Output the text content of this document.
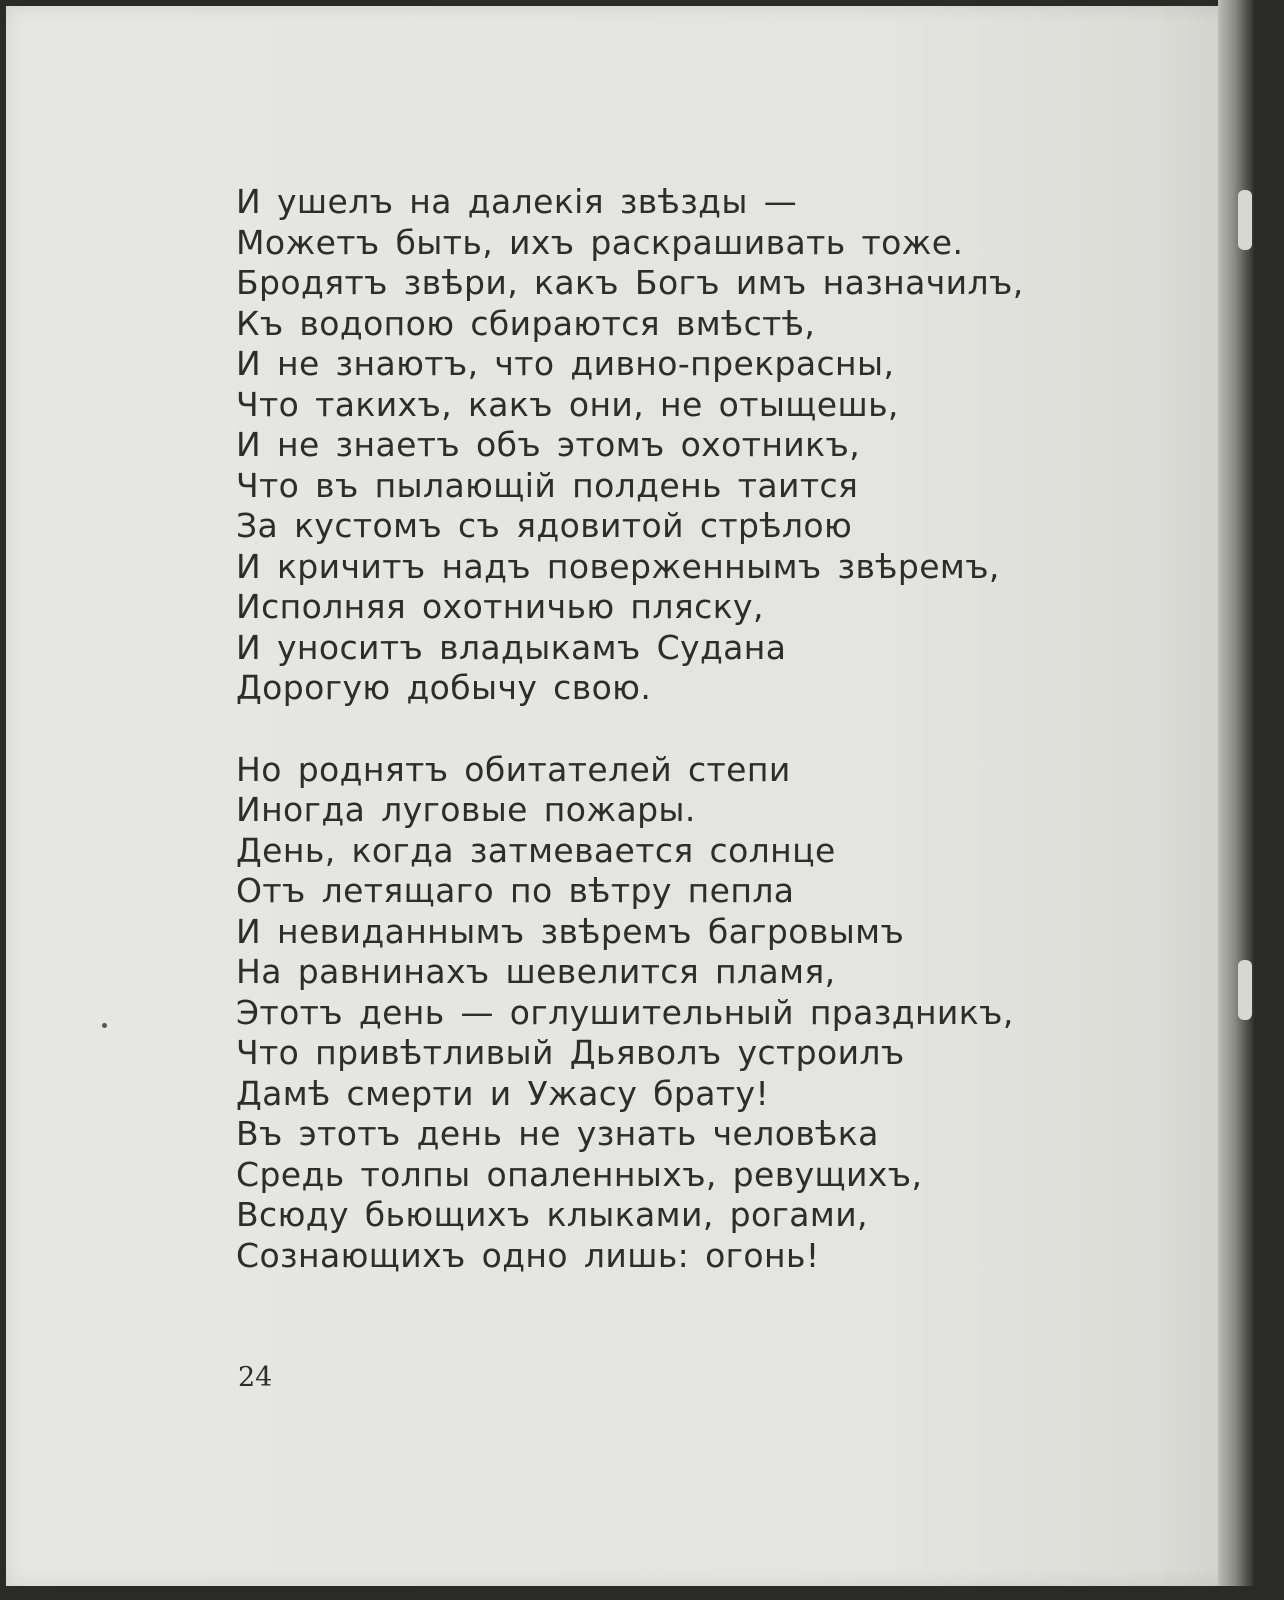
И ушелъ на далекія звѣзды —
Можетъ быть, ихъ раскрашивать тоже.
Бродятъ звѣри, какъ Богъ имъ назначилъ,
Къ водопою сбираются вмѣстѣ,
И не знаютъ, что дивно-прекрасны,
Что такихъ, какъ они, не отыщешь,
И не знаетъ объ этомъ охотникъ,
Что въ пылающій полдень таится
За кустомъ съ ядовитой стрѣлою
И кричитъ надъ поверженнымъ звѣремъ,
Исполняя охотничью пляску,
И уноситъ владыкамъ Судана
Дорогую добычу свою.
Но роднятъ обитателей степи
Иногда луговые пожары.
День, когда затмевается солнце
Отъ летящаго по вѣтру пепла
И невиданнымъ звѣремъ багровымъ
На равнинахъ шевелится пламя,
Этотъ день — оглушительный праздникъ,
Что привѣтливый Дьяволъ устроилъ
Дамѣ смерти и Ужасу брату!
Въ этотъ день не узнать человѣка
Средь толпы опаленныхъ, ревущихъ,
Всюду бьющихъ клыками, рогами,
Сознающихъ одно лишь: огонь!
24
